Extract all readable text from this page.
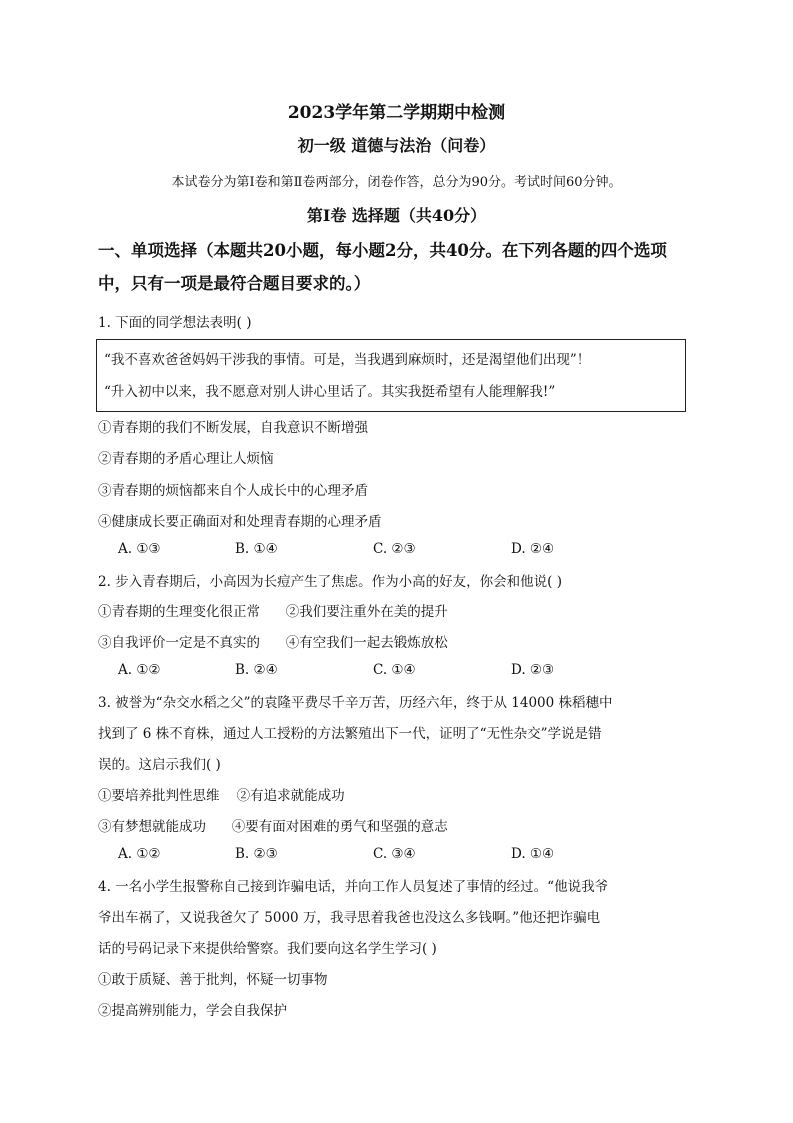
2023学年第二学期期中检测
初一级 道德与法治（问卷）
本试卷分为第Ⅰ卷和第Ⅱ卷两部分，闭卷作答，总分为90分。考试时间60分钟。
第Ⅰ卷 选择题（共40分）
一、单项选择（本题共20小题，每小题2分，共40分。在下列各题的四个选项中，只有一项是最符合题目要求的。）
1. 下面的同学想法表明( )
“我不喜欢爸爸妈妈干涉我的事情。可是，当我遇到麻烦时，还是渴望他们出现”！
“升入初中以来，我不愿意对别人讲心里话了。其实我挺希望有人能理解我!”
①青春期的我们不断发展，自我意识不断增强
②青春期的矛盾心理让人烦恼
③青春期的烦恼都来自个人成长中的心理矛盾
④健康成长要正确面对和处理青春期的心理矛盾
A. ①③	B. ①④	C. ②③	D. ②④
2. 步入青春期后，小高因为长痘产生了焦虑。作为小高的好友，你会和他说( )
①青春期的生理变化很正常      ②我们要注重外在美的提升
③自我评价一定是不真实的      ④有空我们一起去锻炼放松
A. ①②	B. ②④	C. ①④	D. ②③
3. 被誉为“杂交水稻之父”的袁隆平费尽千辛万苦，历经六年，终于从 14000 株稻穗中
找到了 6 株不育株，通过人工授粉的方法繁殖出下一代，证明了“无性杂交”学说是错
误的。这启示我们( )
①要培养批判性思维    ②有追求就能成功
③有梦想就能成功      ④要有面对困难的勇气和坚强的意志
A. ①②	B. ②③	C. ③④	D. ①④
4. 一名小学生报警称自己接到诈骗电话，并向工作人员复述了事情的经过。“他说我爷
爷出车祸了，又说我爸欠了 5000 万，我寻思着我爸也没这么多钱啊。”他还把诈骗电
话的号码记录下来提供给警察。我们要向这名学生学习( )
①敢于质疑、善于批判，怀疑一切事物
②提高辨别能力，学会自我保护
